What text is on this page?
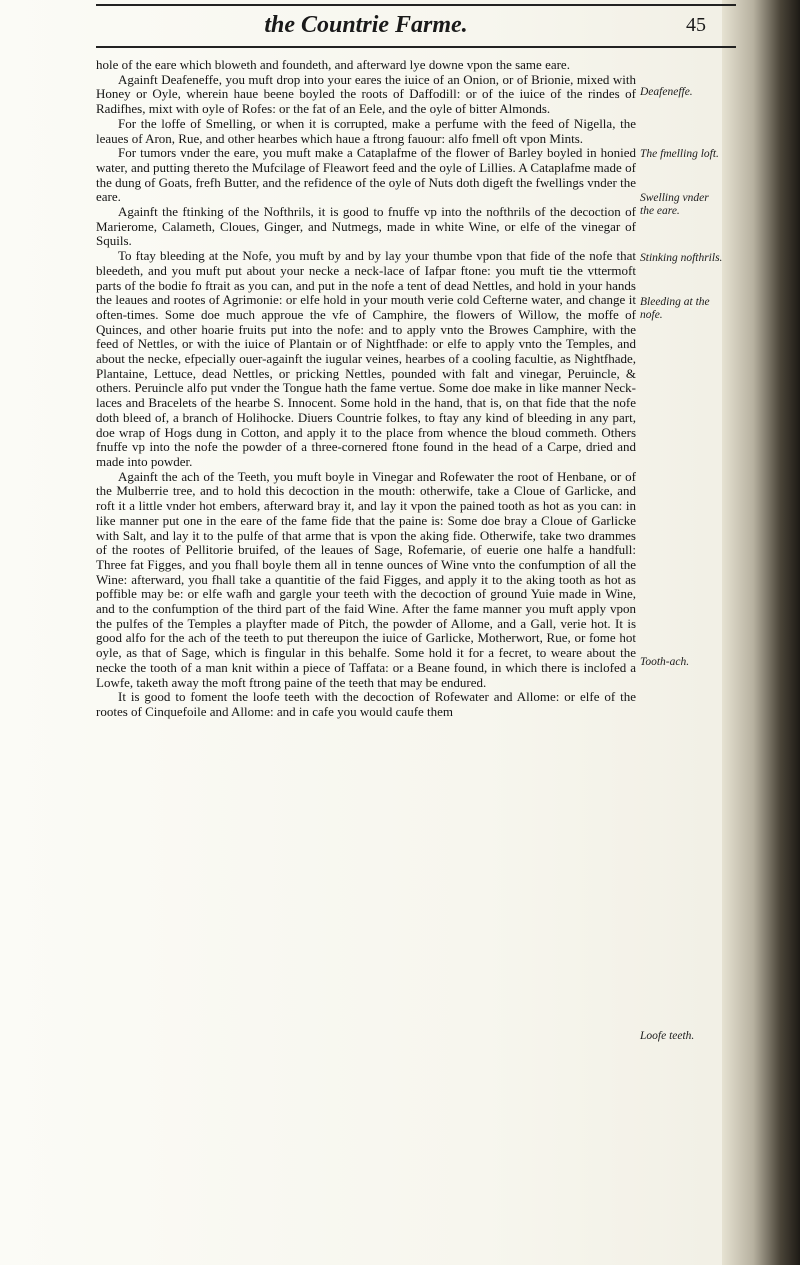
the Countrie Farme.	45

hole of the eare which bloweth and foundeth, and afterward lye downe vpon the same eare.

Againft Deafeneffe, you muft drop into your eares the iuice of an Onion, or of Brionie, mixed with Honey or Oyle, wherein haue beene boyled the roots of Daffodill: or of the iuice of the rindes of Radifhes, mixt with oyle of Rofes: or the fat of an Eele, and the oyle of bitter Almonds.

For the loffe of Smelling, or when it is corrupted, make a perfume with the feed of Nigella, the leaues of Aron, Rue, and other hearbes which haue a ftrong fauour: alfo fmell oft vpon Mints.

For tumors vnder the eare, you muft make a Cataplafme of the flower of Barley boyled in honied water, and putting thereto the Mufcilage of Fleawort feed and the oyle of Lillies. A Cataplafme made of the dung of Goats, frefh Butter, and the refidence of the oyle of Nuts doth digeft the fwellings vnder the eare.

Againft the ftinking of the Nofthrils, it is good to fnuffe vp into the nofthrils of the decoction of Marierome, Calameth, Cloues, Ginger, and Nutmegs, made in white Wine, or elfe of the vinegar of Squils.

To ftay bleeding at the Nofe, you muft by and by lay your thumbe vpon that fide of the nofe that bleedeth, and you muft put about your necke a neck-lace of Iafpar ftone: you muft tie the vttermoft parts of the bodie fo ftrait as you can, and put in the nofe a tent of dead Nettles, and hold in your hands the leaues and rootes of Agrimonie: or elfe hold in your mouth verie cold Cefterne water, and change it often-times. Some doe much approue the vfe of Camphire, the flowers of Willow, the moffe of Quinces, and other hoarie fruits put into the nofe: and to apply vnto the Browes Camphire, with the feed of Nettles, or with the iuice of Plantain or of Nightfhade: or elfe to apply vnto the Temples, and about the necke, efpecially ouer-againft the iugular veines, hearbes of a cooling facultie, as Nightfhade, Plantaine, Lettuce, dead Nettles, or pricking Nettles, pounded with falt and vinegar, Peruincle, & others. Peruincle alfo put vnder the Tongue hath the fame vertue. Some doe make in like manner Neck-laces and Bracelets of the hearbe S. Innocent. Some hold in the hand, that is, on that fide that the nofe doth bleed of, a branch of Holihocke. Diuers Countrie folkes, to ftay any kind of bleeding in any part, doe wrap of Hogs dung in Cotton, and apply it to the place from whence the bloud commeth. Others fnuffe vp into the nofe the powder of a three-cornered ftone found in the head of a Carpe, dried and made into powder.

Againft the ach of the Teeth, you muft boyle in Vinegar and Rofewater the root of Henbane, or of the Mulberrie tree, and to hold this decoction in the mouth: otherwife, take a Cloue of Garlicke, and roft it a little vnder hot embers, afterward bray it, and lay it vpon the pained tooth as hot as you can: in like manner put one in the eare of the fame fide that the paine is: Some doe bray a Cloue of Garlicke with Salt, and lay it to the pulfe of that arme that is vpon the aking fide. Otherwife, take two drammes of the rootes of Pellitorie bruifed, of the leaues of Sage, Rofemarie, of euerie one halfe a handfull: Three fat Figges, and you fhall boyle them all in tenne ounces of Wine vnto the confumption of all the Wine: afterward, you fhall take a quantitie of the faid Figges, and apply it to the aking tooth as hot as poffible may be: or elfe wafh and gargle your teeth with the decoction of ground Yuie made in Wine, and to the confumption of the third part of the faid Wine. After the fame manner you muft apply vpon the pulfes of the Temples a playfter made of Pitch, the powder of Allome, and a Gall, verie hot. It is good alfo for the ach of the teeth to put thereupon the iuice of Garlicke, Motherwort, Rue, or fome hot oyle, as that of Sage, which is fingular in this behalfe. Some hold it for a fecret, to weare about the necke the tooth of a man knit within a piece of Taffata: or a Beane found, in which there is inclofed a Lowfe, taketh away the moft ftrong paine of the teeth that may be endured.

It is good to foment the loofe teeth with the decoction of Rofewater and Allome: or elfe of the rootes of Cinquefoile and Allome: and in cafe you would caufe them

Deafeneffe.
The fmelling loft.
Swelling vnder the eare.
Stinking nofthrils.
Bleeding at the nofe.
Tooth-ach.
Loofe teeth.
